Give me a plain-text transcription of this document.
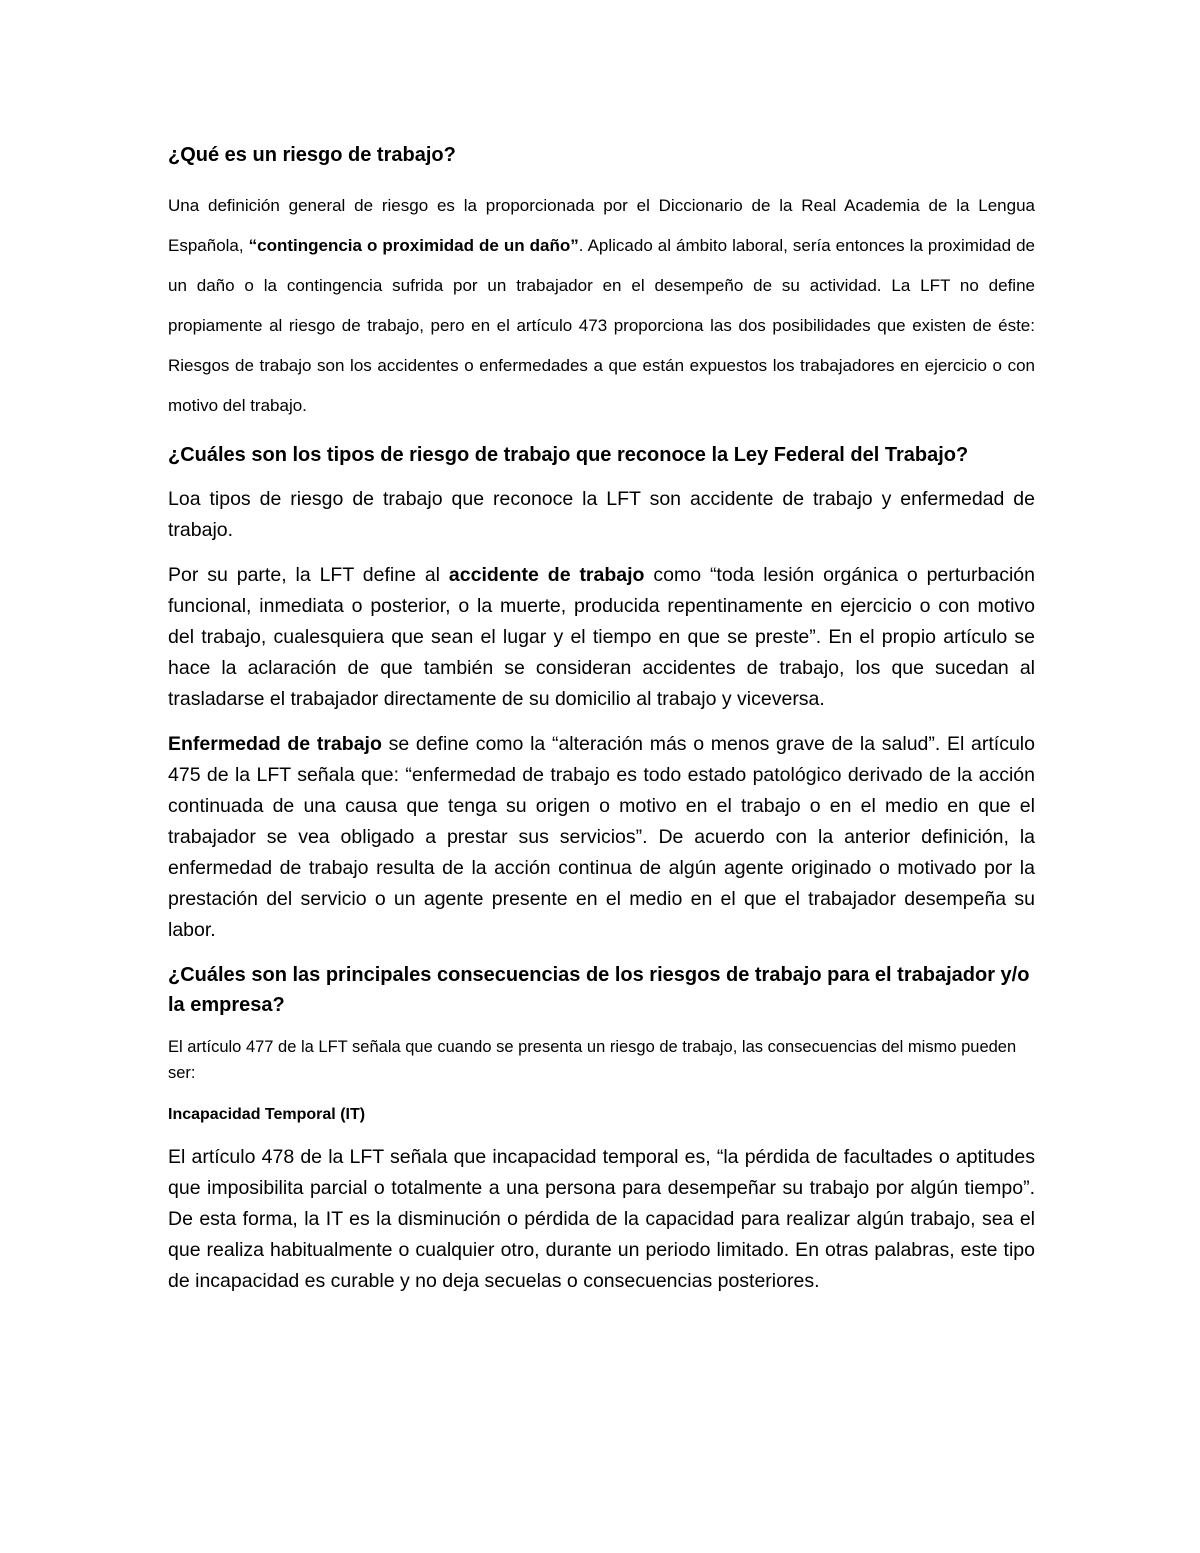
¿Qué es un riesgo de trabajo?

Una definición general de riesgo es la proporcionada por el Diccionario de la Real Academia de la Lengua Española, “contingencia o proximidad de un daño”. Aplicado al ámbito laboral, sería entonces la proximidad de un daño o la contingencia sufrida por un trabajador en el desempeño de su actividad. La LFT no define propiamente al riesgo de trabajo, pero en el artículo 473 proporciona las dos posibilidades que existen de éste: Riesgos de trabajo son los accidentes o enfermedades a que están expuestos los trabajadores en ejercicio o con motivo del trabajo.

¿Cuáles son los tipos de riesgo de trabajo que reconoce la Ley Federal del Trabajo?

Loa tipos de riesgo de trabajo que reconoce la LFT son accidente de trabajo y enfermedad de trabajo.

Por su parte, la LFT define al accidente de trabajo como “toda lesión orgánica o perturbación funcional, inmediata o posterior, o la muerte, producida repentinamente en ejercicio o con motivo del trabajo, cualesquiera que sean el lugar y el tiempo en que se preste”. En el propio artículo se hace la aclaración de que también se consideran accidentes de trabajo, los que sucedan al trasladarse el trabajador directamente de su domicilio al trabajo y viceversa.

Enfermedad de trabajo se define como la “alteración más o menos grave de la salud”. El artículo 475 de la LFT señala que: “enfermedad de trabajo es todo estado patológico derivado de la acción continuada de una causa que tenga su origen o motivo en el trabajo o en el medio en que el trabajador se vea obligado a prestar sus servicios”. De acuerdo con la anterior definición, la enfermedad de trabajo resulta de la acción continua de algún agente originado o motivado por la prestación del servicio o un agente presente en el medio en el que el trabajador desempeña su labor.

¿Cuáles son las principales consecuencias de los riesgos de trabajo para el trabajador y/o la empresa?

El artículo 477 de la LFT señala que cuando se presenta un riesgo de trabajo, las consecuencias del mismo pueden ser:

Incapacidad Temporal (IT)

El artículo 478 de la LFT señala que incapacidad temporal es, “la pérdida de facultades o aptitudes que imposibilita parcial o totalmente a una persona para desempeñar su trabajo por algún tiempo”. De esta forma, la IT es la disminución o pérdida de la capacidad para realizar algún trabajo, sea el que realiza habitualmente o cualquier otro, durante un periodo limitado. En otras palabras, este tipo de incapacidad es curable y no deja secuelas o consecuencias posteriores.
